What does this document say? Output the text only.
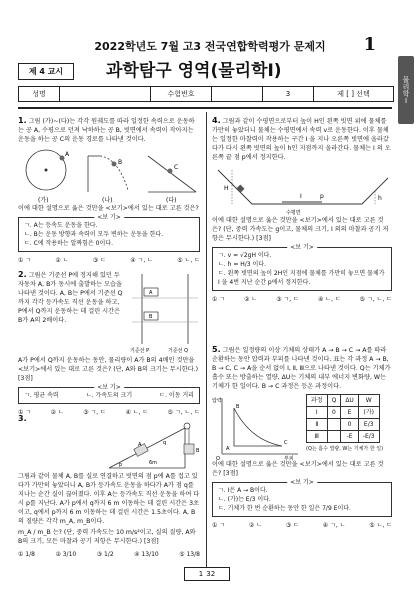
2022학년도 7월 고3 전국연합학력평가 문제지	1
물리학Ⅰ
제 4 교시	과학탐구 영역(물리학Ⅰ)
성명	수험번호	3	제 [ ] 선택
1. 그림 (가)~(다)는 각각 원궤도를 따라 일정한 속력으로 운동하는 공 A, 수평으로 던져 낙하하는 공 B, 빗면에서 속력이 작아지는 운동을 하는 공 C의 운동 경로를 나타낸 것이다.
A
B
C
(가)	(나)	(다)
이에 대한 설명으로 옳은 것만을 <보기>에서 있는 대로 고른 것은?
<보 기>
ㄱ. A는 등속도 운동을 한다.
ㄴ. B는 운동 방향과 속력이 모두 변하는 운동을 한다.
ㄷ. C에 작용하는 알짜힘은 0이다.
① ㄱ	② ㄴ	③ ㄷ	④ ㄱ, ㄴ	⑤ ㄴ, ㄷ
2. 그림은 기준선 P에 정지해 있던 두 자동차 A, B가 동시에 출발하는 모습을 나타낸 것이다. A, B는 P에서 기준선 Q까지 각각 등가속도 직선 운동을 하고, P에서 Q까지 운동하는 데 걸린 시간은 B가 A의 2배이다.
A
B
기준선 P	기준선 Q
A가 P에서 Q까지 운동하는 동안, 물리량이 A가 B의 4배인 것만을 <보기>에서 있는 대로 고른 것은? (단, A와 B의 크기는 무시한다.) [3점]
<보 기>
ㄱ. 평균 속력	ㄴ. 가속도의 크기	ㄷ. 이동 거리
① ㄱ	② ㄴ	③ ㄱ, ㄷ	④ ㄴ, ㄷ	⑤ ㄱ, ㄴ, ㄷ
3.
A
B
p
q
6m
그림과 같이 물체 A, B를 실로 연결하고 빗면의 점 p에 A를 접고 있다가 가만히 놓았더니 A, B가 등가속도 운동을 하다가 A가 점 q를 지나는 순간 실이 끊어졌다. 이후 A는 등가속도 직선 운동을 하여 다시 p를 지난다. A가 p에서 q까지 6 m 이동하는 데 걸린 시간은 3초이고, q에서 p까지 6 m 이동하는 데 걸린 시간은 1.5초이다. A, B의 질량은 각각 m_A, m_B이다.
m_A / m_B 는? (단, 중력 가속도는 10 m/s²이고, 실의 질량, A와 B의 크기, 모든 마찰과 공기 저항은 무시한다.) [3점]
① 1/8	② 3/10	③ 1/2	④ 13/10	⑤ 13/8
4. 그림과 같이 수평면으로부터 높이 H인 왼쪽 빗면 위에 물체를 가만히 놓았더니 물체는 수평면에서 속력 v로 운동한다. 이후 물체는 일정한 마찰력이 작용하는 구간 I 을 지나 오른쪽 빗면에 올라갔다가 다시 왼쪽 빗면의 높이 h인 지점까지 올라간다. 물체는 I 의 오른쪽 끝 점 p에서 정지한다.
H
h
I	p
수평면
이에 대한 설명으로 옳은 것만을 <보기>에서 있는 대로 고른 것은? (단, 중력 가속도는 g이고, 물체의 크기, I 외의 마찰과 공기 저항은 무시한다.) [3점]
<보 기>
ㄱ. v = √2gH 이다.
ㄴ. h = H/3 이다.
ㄷ. 왼쪽 빗면의 높이 2H인 지점에 물체를 가만히 놓으면 물체가 I 을 4번 지난 순간 p에서 정지한다.
① ㄱ	② ㄴ	③ ㄱ, ㄷ	④ ㄴ, ㄷ	⑤ ㄱ, ㄴ, ㄷ
5. 그림은 일정량의 이상 기체의 상태가 A → B → C → A를 따라 순환하는 동안 압력과 부피를 나타낸 것이다. 표는 각 과정 A → B, B → C, C → A을 순서 없이 Ⅰ, Ⅱ, Ⅲ으로 나타낸 것이다. Q는 기체가 흡수 또는 방출하는 열량, ΔU는 기체의 내부 에너지 변화량, W는 기체가 한 일이다. B → C 과정은 등온 과정이다.
압력
부피
A
B
C
O
과정	Q	ΔU	W
Ⅰ	0	E	(가)
Ⅱ		0	E/3
Ⅲ		-E	-E/3
(Q는 흡수 열량, W는 기체가 한 일)
이에 대한 설명으로 옳은 것만을 <보기>에서 있는 대로 고른 것은? [3점]
<보 기>
ㄱ. Ⅰ은 A → B이다.
ㄴ. (가)는 E/3 이다.
ㄷ. 기체가 한 번 순환하는 동안 한 일은 7/9 E이다.
① ㄱ	② ㄴ	③ ㄷ	④ ㄱ, ㄴ	⑤ ㄴ, ㄷ
1 32
